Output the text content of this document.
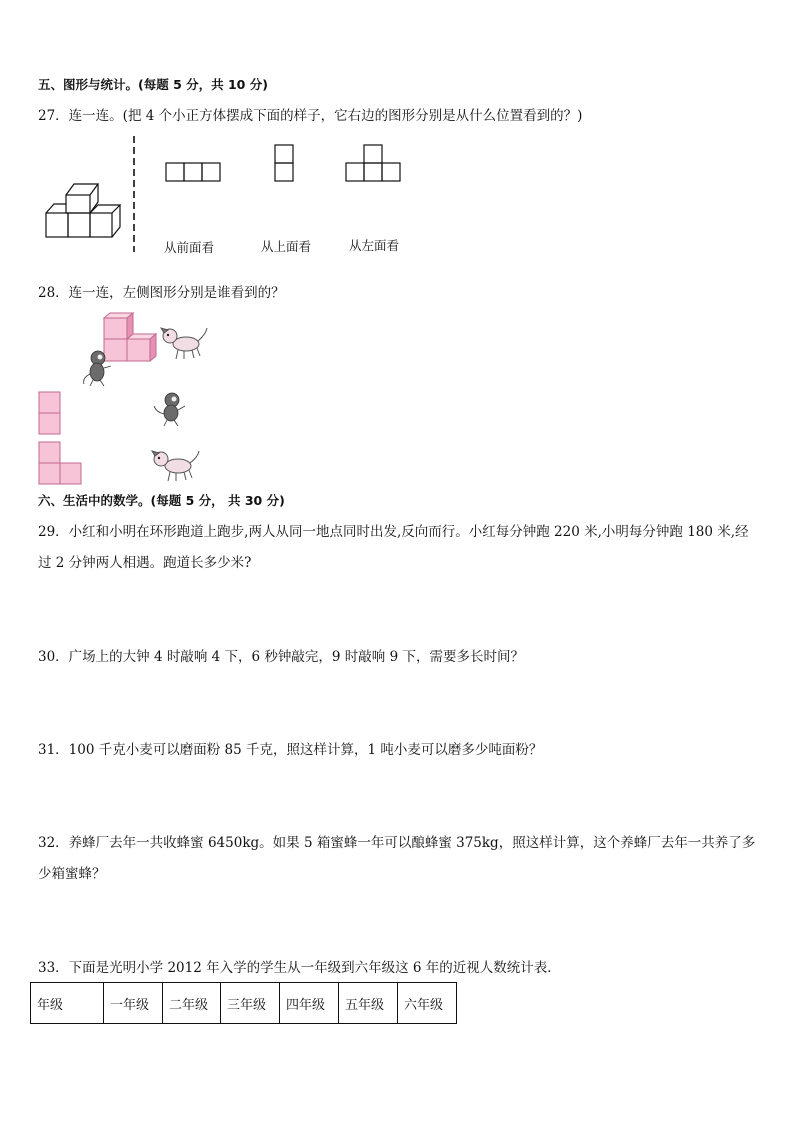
五、图形与统计。(每题 5 分，共 10 分)
27．连一连。(把 4 个小正方体摆成下面的样子，它右边的图形分别是从什么位置看到的？)
从前面看	从上面看	从左面看
28．连一连，左侧图形分别是谁看到的？
六、生活中的数学。(每题 5 分， 共 30 分)
29．小红和小明在环形跑道上跑步,两人从同一地点同时出发,反向而行。小红每分钟跑 220 米,小明每分钟跑 180 米,经
过 2 分钟两人相遇。跑道长多少米?
30．广场上的大钟 4 时敲响 4 下，6 秒钟敲完，9 时敲响 9 下，需要多长时间？
31．100 千克小麦可以磨面粉 85 千克，照这样计算，1 吨小麦可以磨多少吨面粉？
32．养蜂厂去年一共收蜂蜜 6450kg。如果 5 箱蜜蜂一年可以酿蜂蜜 375kg，照这样计算，这个养蜂厂去年一共养了多
少箱蜜蜂？
33．下面是光明小学 2012 年入学的学生从一年级到六年级这 6 年的近视人数统计表．
年级	一年级	二年级	三年级	四年级	五年级	六年级
